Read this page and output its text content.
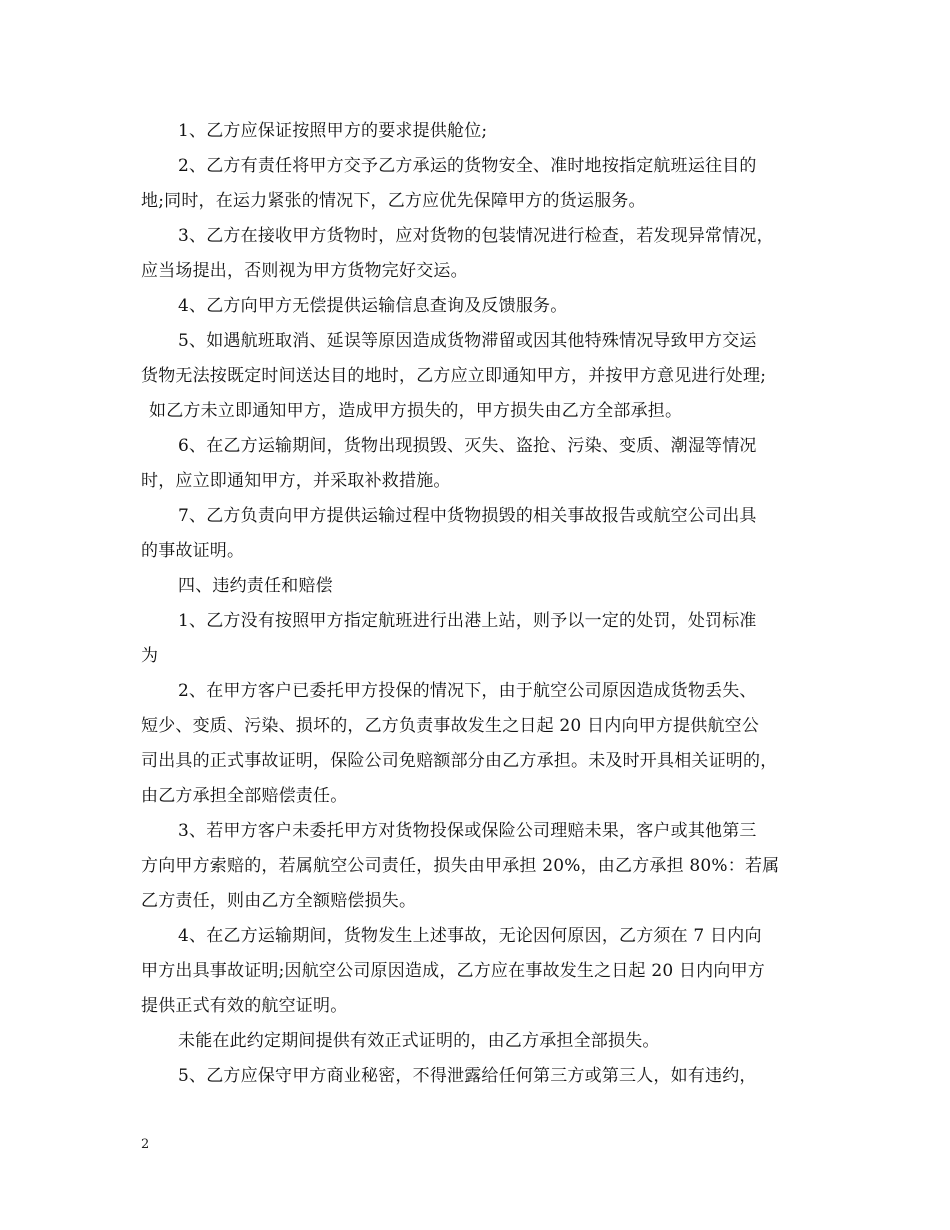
1、乙方应保证按照甲方的要求提供舱位;
2、乙方有责任将甲方交予乙方承运的货物安全、准时地按指定航班运往目的
地;同时，在运力紧张的情况下，乙方应优先保障甲方的货运服务。
3、乙方在接收甲方货物时，应对货物的包装情况进行检查，若发现异常情况，
应当场提出，否则视为甲方货物完好交运。
4、乙方向甲方无偿提供运输信息查询及反馈服务。
5、如遇航班取消、延误等原因造成货物滞留或因其他特殊情况导致甲方交运
货物无法按既定时间送达目的地时，乙方应立即通知甲方，并按甲方意见进行处理;
如乙方未立即通知甲方，造成甲方损失的，甲方损失由乙方全部承担。
6、在乙方运输期间，货物出现损毁、灭失、盗抢、污染、变质、潮湿等情况
时，应立即通知甲方，并采取补救措施。
7、乙方负责向甲方提供运输过程中货物损毁的相关事故报告或航空公司出具
的事故证明。
四、违约责任和赔偿
1、乙方没有按照甲方指定航班进行出港上站，则予以一定的处罚，处罚标准
为
2、在甲方客户已委托甲方投保的情况下，由于航空公司原因造成货物丢失、
短少、变质、污染、损坏的，乙方负责事故发生之日起 20 日内向甲方提供航空公
司出具的正式事故证明，保险公司免赔额部分由乙方承担。未及时开具相关证明的，
由乙方承担全部赔偿责任。
3、若甲方客户未委托甲方对货物投保或保险公司理赔未果，客户或其他第三
方向甲方索赔的，若属航空公司责任，损失由甲承担 20%，由乙方承担 80%：若属
乙方责任，则由乙方全额赔偿损失。
4、在乙方运输期间，货物发生上述事故，无论因何原因，乙方须在 7 日内向
甲方出具事故证明;因航空公司原因造成，乙方应在事故发生之日起 20 日内向甲方
提供正式有效的航空证明。
未能在此约定期间提供有效正式证明的，由乙方承担全部损失。
5、乙方应保守甲方商业秘密，不得泄露给任何第三方或第三人，如有违约，
2
